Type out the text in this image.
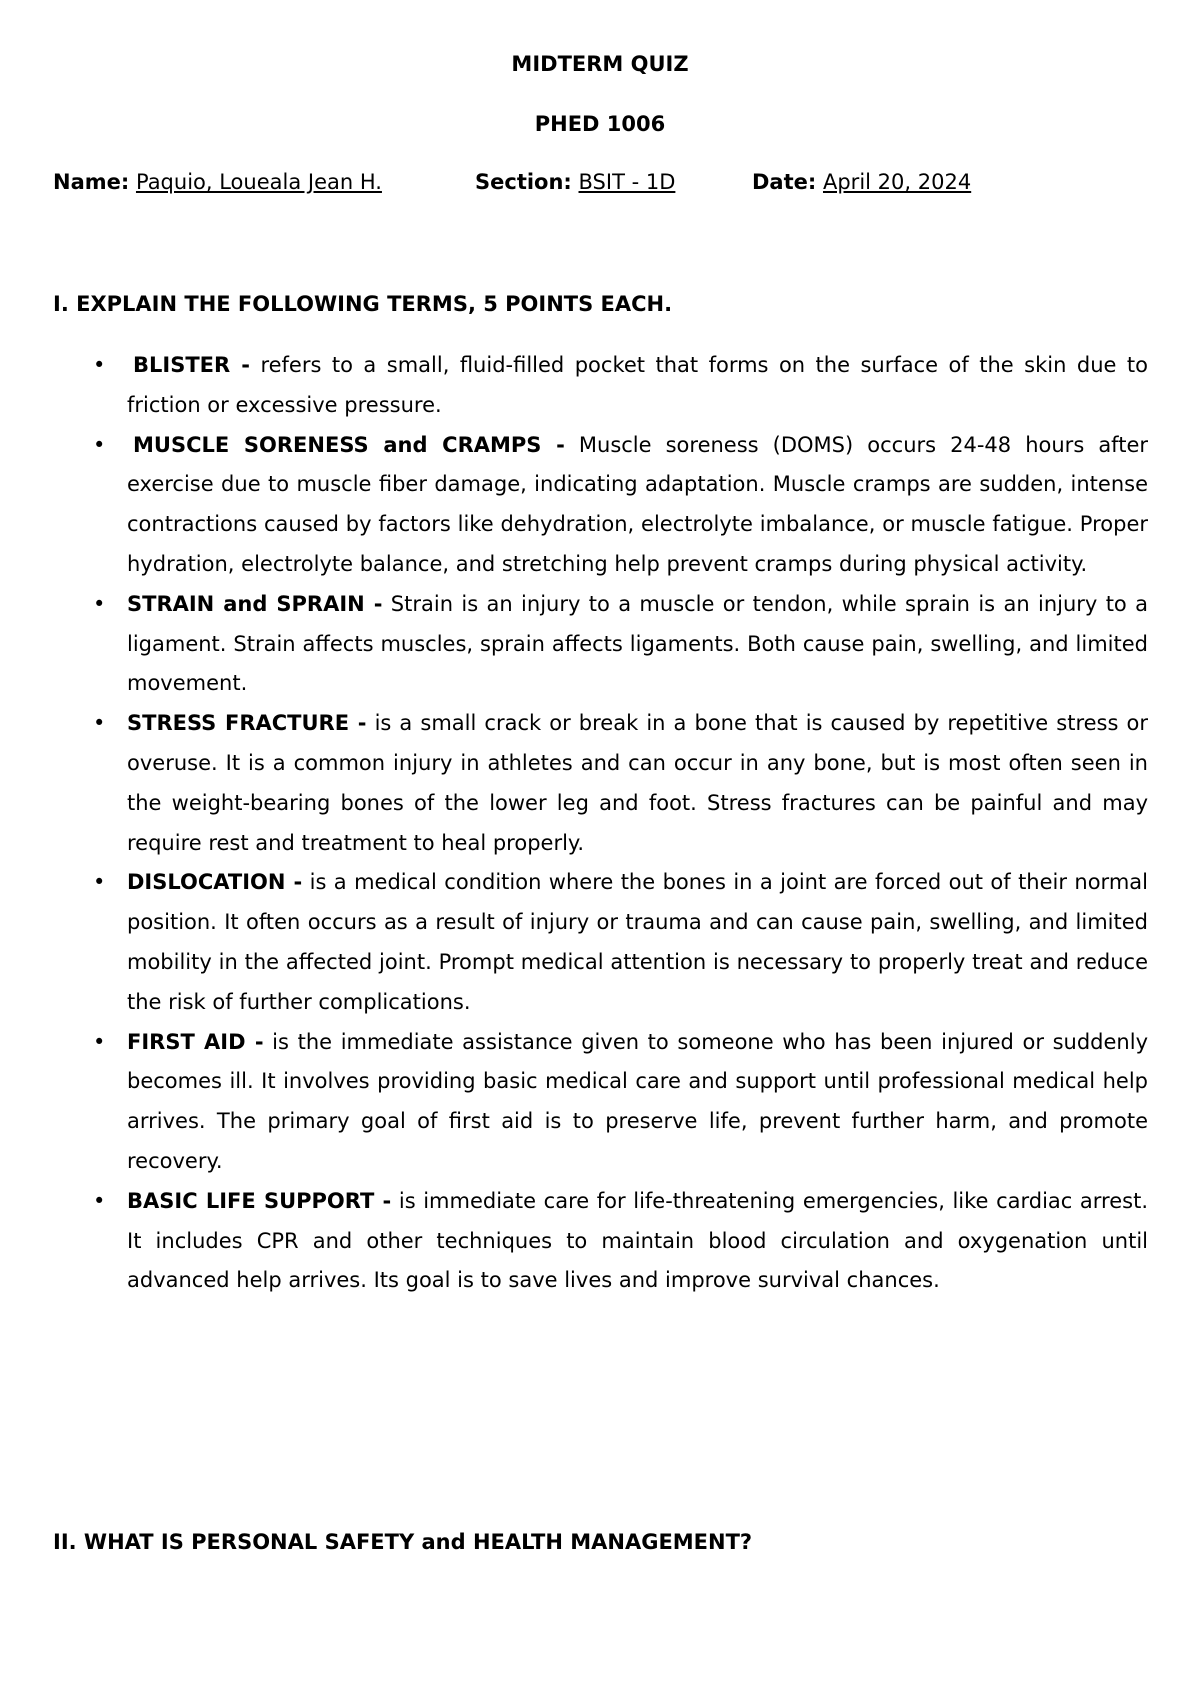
MIDTERM QUIZ
PHED 1006
Name: Paquio, Loueala Jean H.	Section: BSIT - 1D	Date: April 20, 2024
I. EXPLAIN THE FOLLOWING TERMS, 5 POINTS EACH.
• BLISTER - refers to a small, fluid-filled pocket that forms on the surface of the skin due to friction or excessive pressure.
• MUSCLE SORENESS and CRAMPS - Muscle soreness (DOMS) occurs 24-48 hours after exercise due to muscle fiber damage, indicating adaptation. Muscle cramps are sudden, intense contractions caused by factors like dehydration, electrolyte imbalance, or muscle fatigue. Proper hydration, electrolyte balance, and stretching help prevent cramps during physical activity.
• STRAIN and SPRAIN - Strain is an injury to a muscle or tendon, while sprain is an injury to a ligament. Strain affects muscles, sprain affects ligaments. Both cause pain, swelling, and limited movement.
• STRESS FRACTURE - is a small crack or break in a bone that is caused by repetitive stress or overuse. It is a common injury in athletes and can occur in any bone, but is most often seen in the weight-bearing bones of the lower leg and foot. Stress fractures can be painful and may require rest and treatment to heal properly.
• DISLOCATION - is a medical condition where the bones in a joint are forced out of their normal position. It often occurs as a result of injury or trauma and can cause pain, swelling, and limited mobility in the affected joint. Prompt medical attention is necessary to properly treat and reduce the risk of further complications.
• FIRST AID - is the immediate assistance given to someone who has been injured or suddenly becomes ill. It involves providing basic medical care and support until professional medical help arrives. The primary goal of first aid is to preserve life, prevent further harm, and promote recovery.
• BASIC LIFE SUPPORT - is immediate care for life-threatening emergencies, like cardiac arrest. It includes CPR and other techniques to maintain blood circulation and oxygenation until advanced help arrives. Its goal is to save lives and improve survival chances.
II. WHAT IS PERSONAL SAFETY and HEALTH MANAGEMENT?
